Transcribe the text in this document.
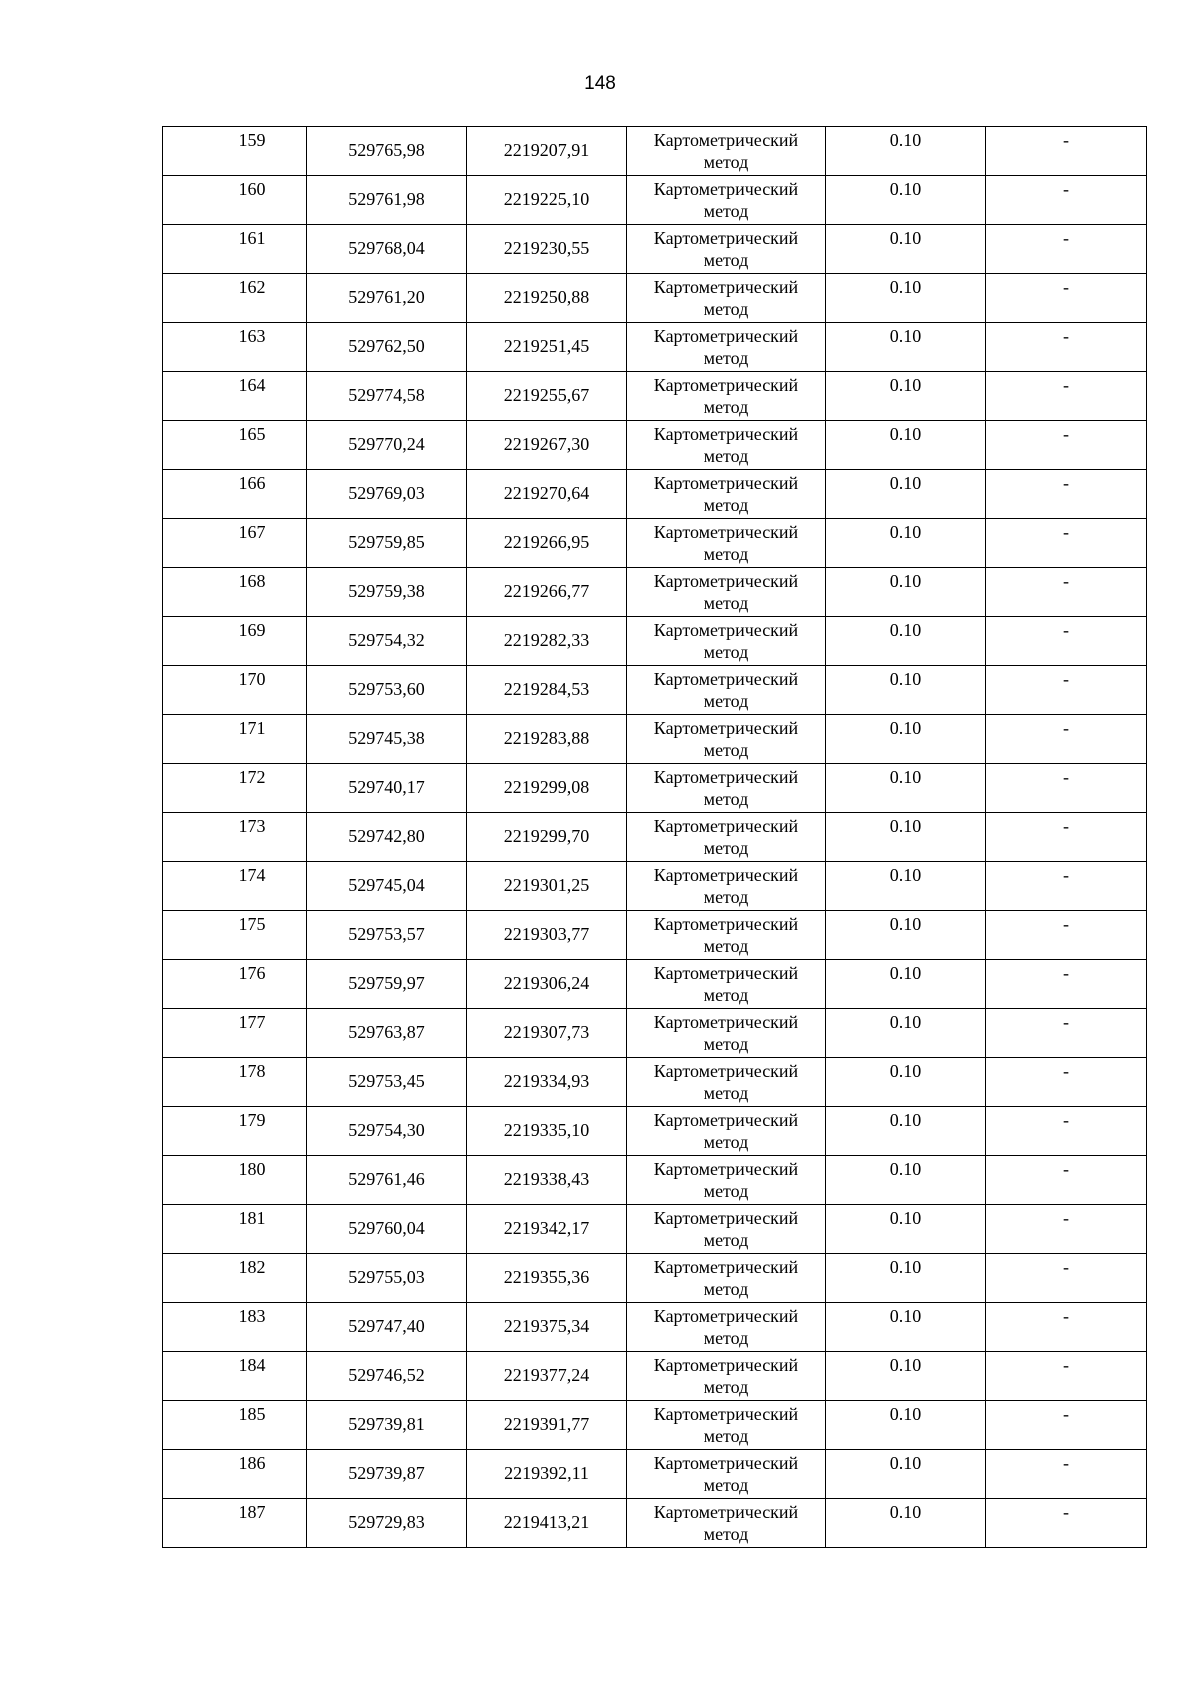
148
159	529765,98	2219207,91	Картометрический метод	0.10	-

160	529761,98	2219225,10	Картометрический метод	0.10	-

161	529768,04	2219230,55	Картометрический метод	0.10	-

162	529761,20	2219250,88	Картометрический метод	0.10	-

163	529762,50	2219251,45	Картометрический метод	0.10	-

164	529774,58	2219255,67	Картометрический метод	0.10	-

165	529770,24	2219267,30	Картометрический метод	0.10	-

166	529769,03	2219270,64	Картометрический метод	0.10	-

167	529759,85	2219266,95	Картометрический метод	0.10	-

168	529759,38	2219266,77	Картометрический метод	0.10	-

169	529754,32	2219282,33	Картометрический метод	0.10	-

170	529753,60	2219284,53	Картометрический метод	0.10	-

171	529745,38	2219283,88	Картометрический метод	0.10	-

172	529740,17	2219299,08	Картометрический метод	0.10	-

173	529742,80	2219299,70	Картометрический метод	0.10	-

174	529745,04	2219301,25	Картометрический метод	0.10	-

175	529753,57	2219303,77	Картометрический метод	0.10	-

176	529759,97	2219306,24	Картометрический метод	0.10	-

177	529763,87	2219307,73	Картометрический метод	0.10	-

178	529753,45	2219334,93	Картометрический метод	0.10	-

179	529754,30	2219335,10	Картометрический метод	0.10	-

180	529761,46	2219338,43	Картометрический метод	0.10	-

181	529760,04	2219342,17	Картометрический метод	0.10	-

182	529755,03	2219355,36	Картометрический метод	0.10	-

183	529747,40	2219375,34	Картометрический метод	0.10	-

184	529746,52	2219377,24	Картометрический метод	0.10	-

185	529739,81	2219391,77	Картометрический метод	0.10	-

186	529739,87	2219392,11	Картометрический метод	0.10	-

187	529729,83	2219413,21	Картометрический метод	0.10	-
